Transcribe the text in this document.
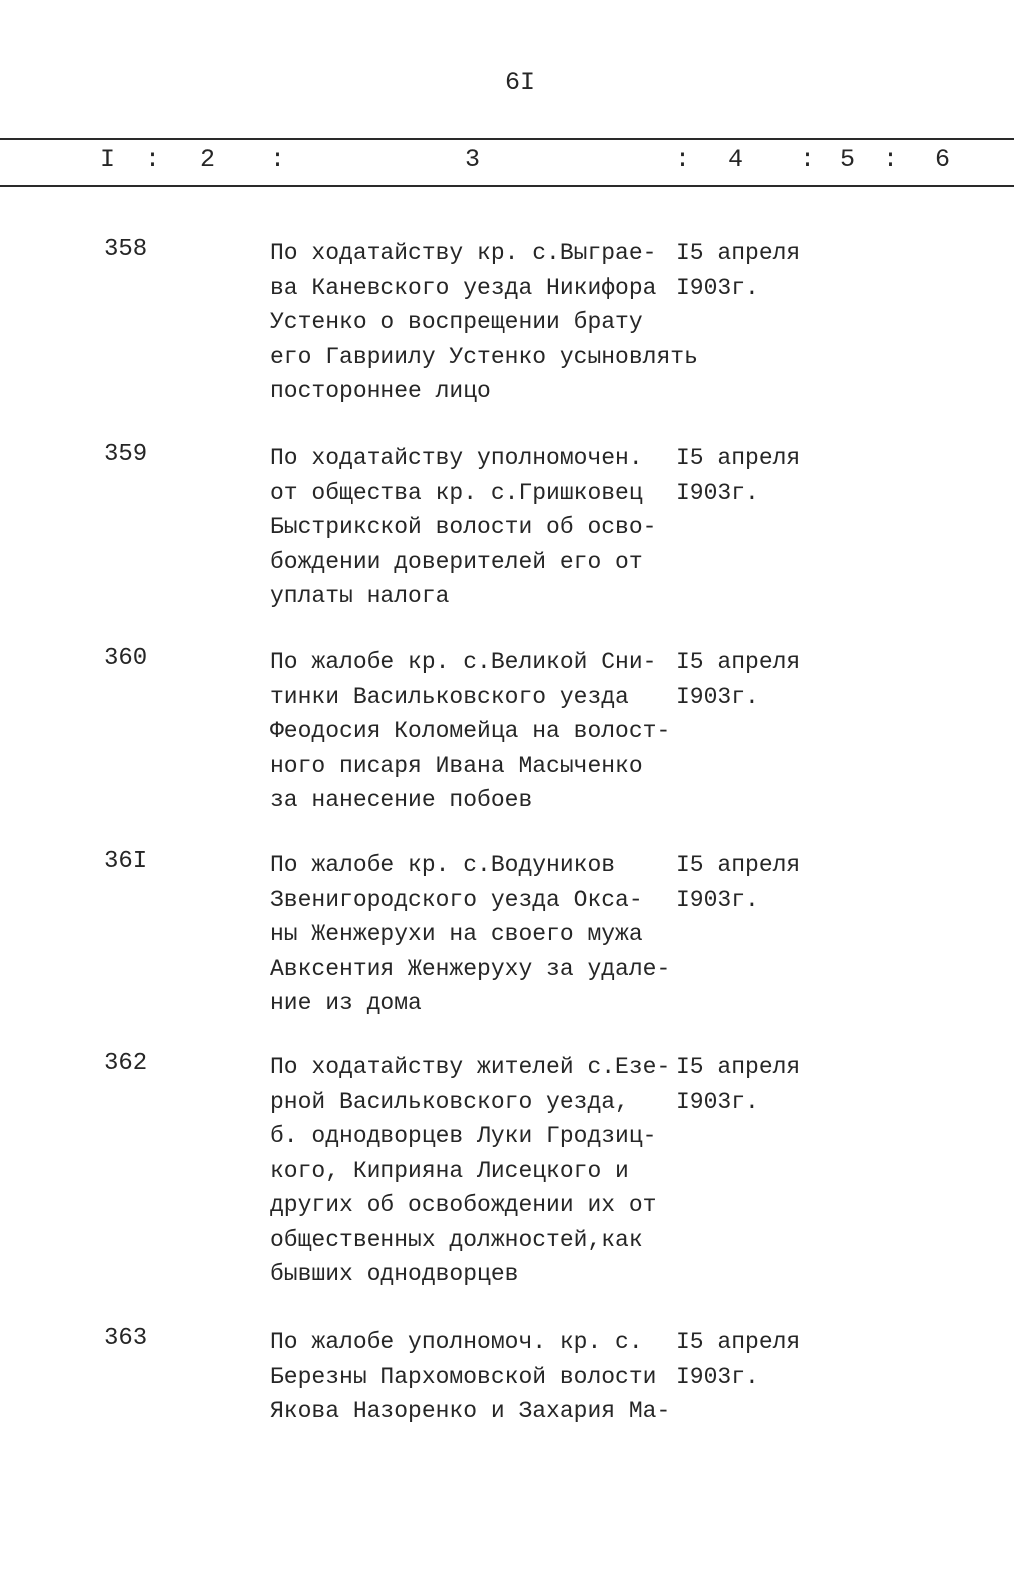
6I
I : 2 :	3	: 4 : 5 : 6
358	По ходатайству кр. с.Выграе-
ва Каневского уезда Никифора
Устенко о воспрещении брату
его Гавриилу Устенко усыновлять
постороннее лицо
I5 апреля
I903г.
359	По ходатайству уполномочен.
от общества кр. с.Гришковец
Быстрикской волости об осво-
бождении доверителей его от
уплаты налога
I5 апреля
I903г.
360	По жалобе кр. с.Великой Сни-
тинки Васильковского уезда
Феодосия Коломейца на волост-
ного писаря Ивана Масыченко
за нанесение побоев
I5 апреля
I903г.
36I	По жалобе кр. с.Водуников
Звенигородского уезда Окса-
ны Женжерухи на своего мужа
Авксентия Женжеруху за удале-
ние из дома
I5 апреля
I903г.
362	По ходатайству жителей с.Езе-
рной Васильковского уезда,
б. однодворцев Луки Гродзиц-
кого, Киприяна Лисецкого и
других об освобождении их от
общественных должностей,как
бывших однодворцев
I5 апреля
I903г.
363	По жалобе уполномоч. кр. с.
Березны Пархомовской волости
Якова Назоренко и Захария Ма-
I5 апреля
I903г.
